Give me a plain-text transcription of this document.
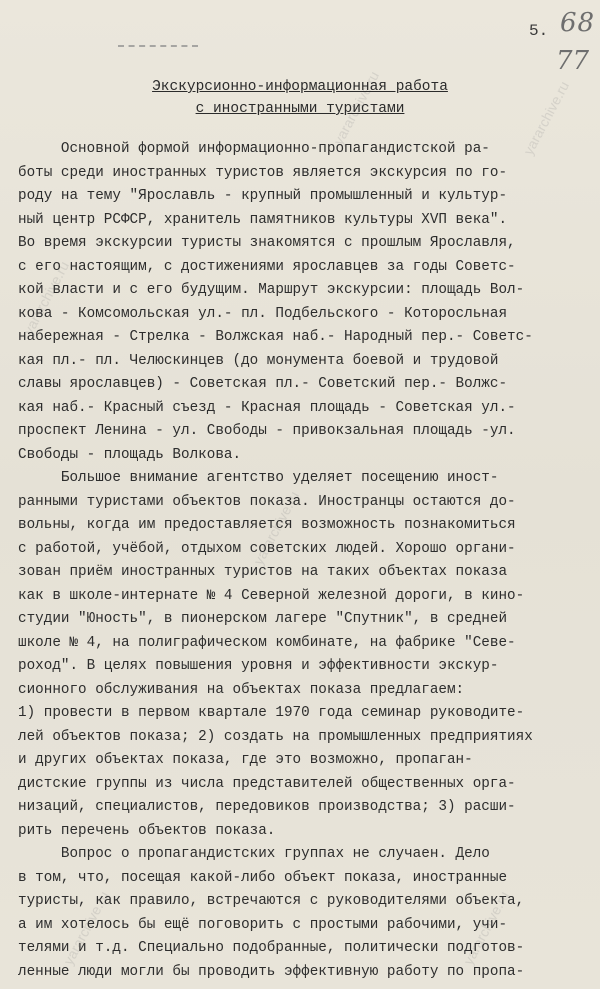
5. 68
77
yararchive.ru	yararchive.ru
yararchive.ru
yararchive.ru
yararchive.ru	yararchive.ru
Экскурсионно-информационная работа
с иностранными туристами
Основной формой информационно-пропагандистской ра-
боты среди иностранных туристов является экскурсия по го-
роду на тему "Ярославль - крупный промышленный и культур-
ный центр РСФСР, хранитель памятников культуры ХVП века".
Во время экскурсии туристы знакомятся с прошлым Ярославля,
с его настоящим, с достижениями ярославцев за годы Советс-
кой власти и с его будущим. Маршрут экскурсии: площадь Вол-
кова - Комсомольская ул.- пл. Подбельского - Которосльная
набережная - Стрелка - Волжская наб.- Народный пер.- Советс-
кая пл.- пл. Челюскинцев (до монумента боевой и трудовой
славы ярославцев) - Советская пл.- Советский пер.- Волжс-
кая наб.- Красный съезд - Красная площадь - Советская ул.-
проспект Ленина - ул. Свободы - привокзальная площадь -ул.
Свободы - площадь Волкова.
Большое внимание агентство уделяет посещению иност-
ранными туристами объектов показа. Иностранцы остаются до-
вольны, когда им предоставляется возможность познакомиться
с работой, учёбой, отдыхом советских людей. Хорошо органи-
зован приём иностранных туристов на таких объектах показа
как в школе-интернате № 4 Северной железной дороги, в кино-
студии "Юность", в пионерском лагере "Спутник", в средней
школе № 4, на полиграфическом комбинате, на фабрике "Севе-
роход". В целях повышения уровня и эффективности экскур-
сионного обслуживания на объектах показа предлагаем:
1) провести в первом квартале 1970 года семинар руководите-
лей объектов показа; 2) создать на промышленных предприятиях
и других объектах показа, где это возможно, пропаган-
дистские группы из числа представителей общественных орга-
низаций, специалистов, передовиков производства; 3) расши-
рить перечень объектов показа.
Вопрос о пропагандистских группах не случаен. Дело
в том, что, посещая какой-либо объект показа, иностранные
туристы, как правило, встречаются с руководителями объекта,
а им хотелось бы ещё поговорить с простыми рабочими, учи-
телями и т.д. Специально подобранные, политически подготов-
ленные люди могли бы проводить эффективную работу по пропа-
